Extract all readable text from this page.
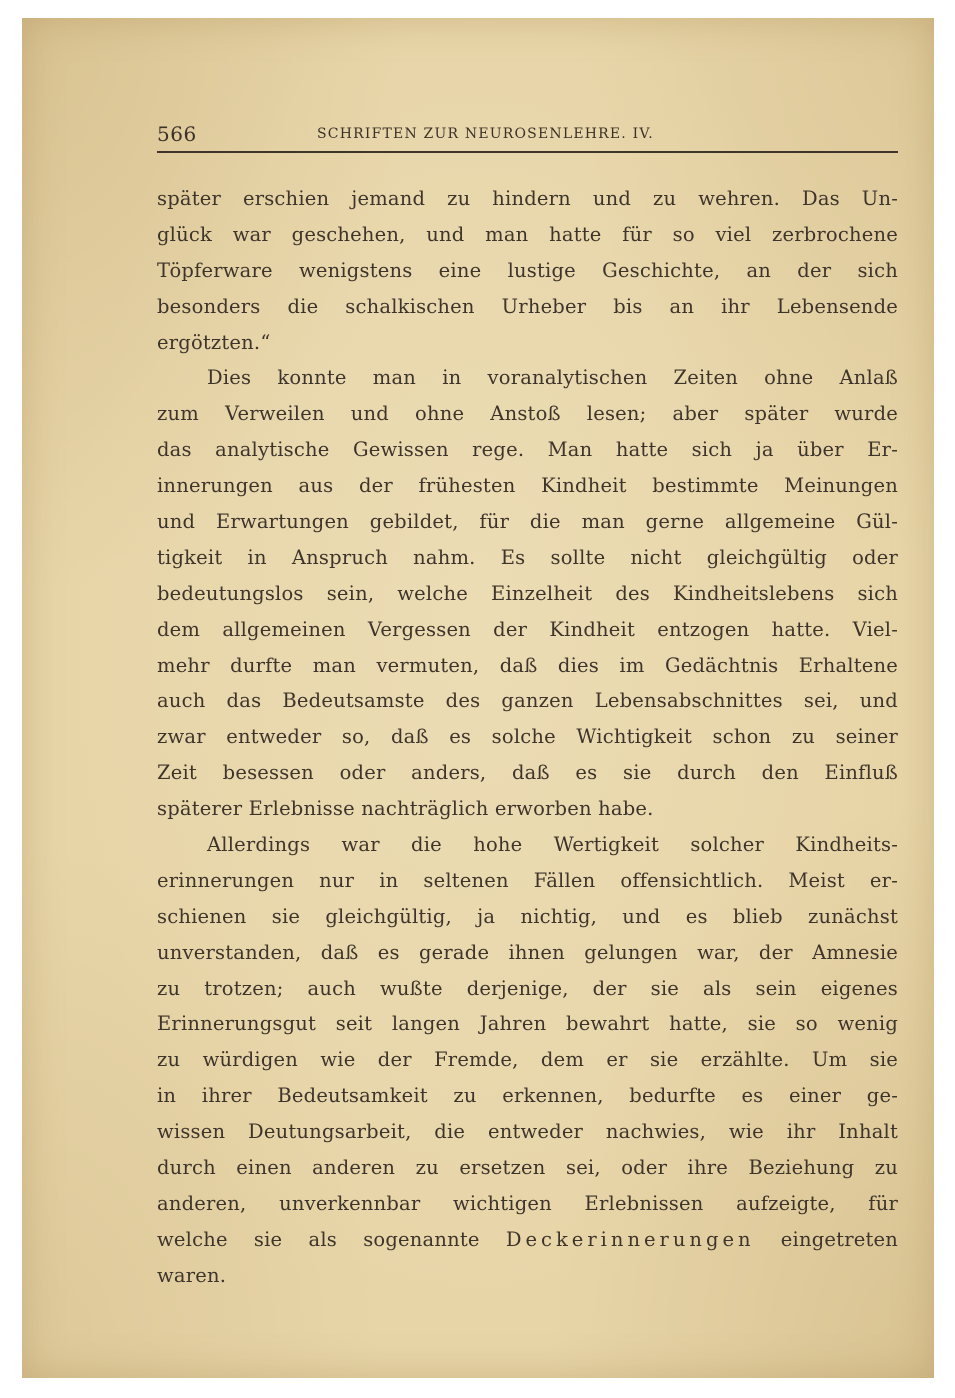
566	SCHRIFTEN ZUR NEUROSENLEHRE. IV.
später erschien jemand zu hindern und zu wehren. Das Un-
glück war geschehen, und man hatte für so viel zerbrochene
Töpferware wenigstens eine lustige Geschichte, an der sich
besonders die schalkischen Urheber bis an ihr Lebensende
ergötzten.“
Dies konnte man in voranalytischen Zeiten ohne Anlaß
zum Verweilen und ohne Anstoß lesen; aber später wurde
das analytische Gewissen rege. Man hatte sich ja über Er-
innerungen aus der frühesten Kindheit bestimmte Meinungen
und Erwartungen gebildet, für die man gerne allgemeine Gül-
tigkeit in Anspruch nahm. Es sollte nicht gleichgültig oder
bedeutungslos sein, welche Einzelheit des Kindheitslebens sich
dem allgemeinen Vergessen der Kindheit entzogen hatte. Viel-
mehr durfte man vermuten, daß dies im Gedächtnis Erhaltene
auch das Bedeutsamste des ganzen Lebensabschnittes sei, und
zwar entweder so, daß es solche Wichtigkeit schon zu seiner
Zeit besessen oder anders, daß es sie durch den Einfluß
späterer Erlebnisse nachträglich erworben habe.
Allerdings war die hohe Wertigkeit solcher Kindheits-
erinnerungen nur in seltenen Fällen offensichtlich. Meist er-
schienen sie gleichgültig, ja nichtig, und es blieb zunächst
unverstanden, daß es gerade ihnen gelungen war, der Amnesie
zu trotzen; auch wußte derjenige, der sie als sein eigenes
Erinnerungsgut seit langen Jahren bewahrt hatte, sie so wenig
zu würdigen wie der Fremde, dem er sie erzählte. Um sie
in ihrer Bedeutsamkeit zu erkennen, bedurfte es einer ge-
wissen Deutungsarbeit, die entweder nachwies, wie ihr Inhalt
durch einen anderen zu ersetzen sei, oder ihre Beziehung zu
anderen, unverkennbar wichtigen Erlebnissen aufzeigte, für
welche sie als sogenannte Deckerinnerungen eingetreten
waren.
